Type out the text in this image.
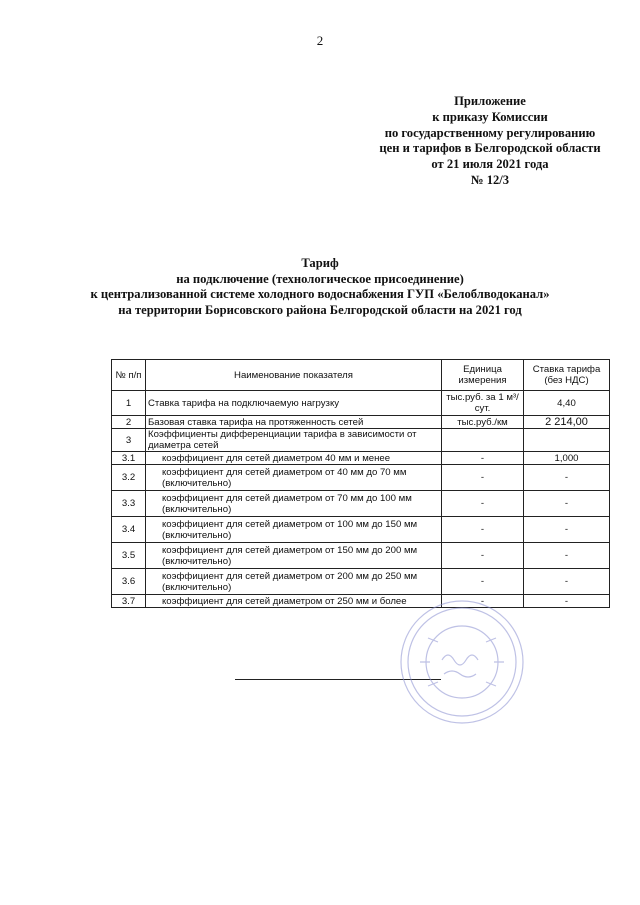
2
Приложение
к приказу Комиссии
по государственному регулированию
цен и тарифов в Белгородской области
от 21 июля 2021 года
№ 12/3
Тариф
на подключение (технологическое присоединение)
к централизованной системе холодного водоснабжения ГУП «Белоблводоканал»
на территории Борисовского района Белгородской области на 2021 год
№ п/п	Наименование показателя	Единица измерения	Ставка тарифа (без НДС)
1	Ставка тарифа на подключаемую нагрузку	тыс.руб. за 1 м³/сут.	4,40
2	Базовая ставка тарифа на протяженность сетей	тыс.руб./км	2 214,00
3	Коэффициенты дифференциации тарифа в зависимости от диаметра сетей		
3.1	коэффициент для сетей диаметром 40 мм и менее	-	1,000
3.2	коэффициент для сетей диаметром от 40 мм до 70 мм (включительно)	-	-
3.3	коэффициент для сетей диаметром от 70 мм до 100 мм (включительно)	-	-
3.4	коэффициент для сетей диаметром от 100 мм до 150 мм (включительно)	-	-
3.5	коэффициент для сетей диаметром от 150 мм до 200 мм (включительно)	-	-
3.6	коэффициент для сетей диаметром от 200 мм до 250 мм (включительно)	-	-
3.7	коэффициент для сетей диаметром от 250 мм и более	-	-
